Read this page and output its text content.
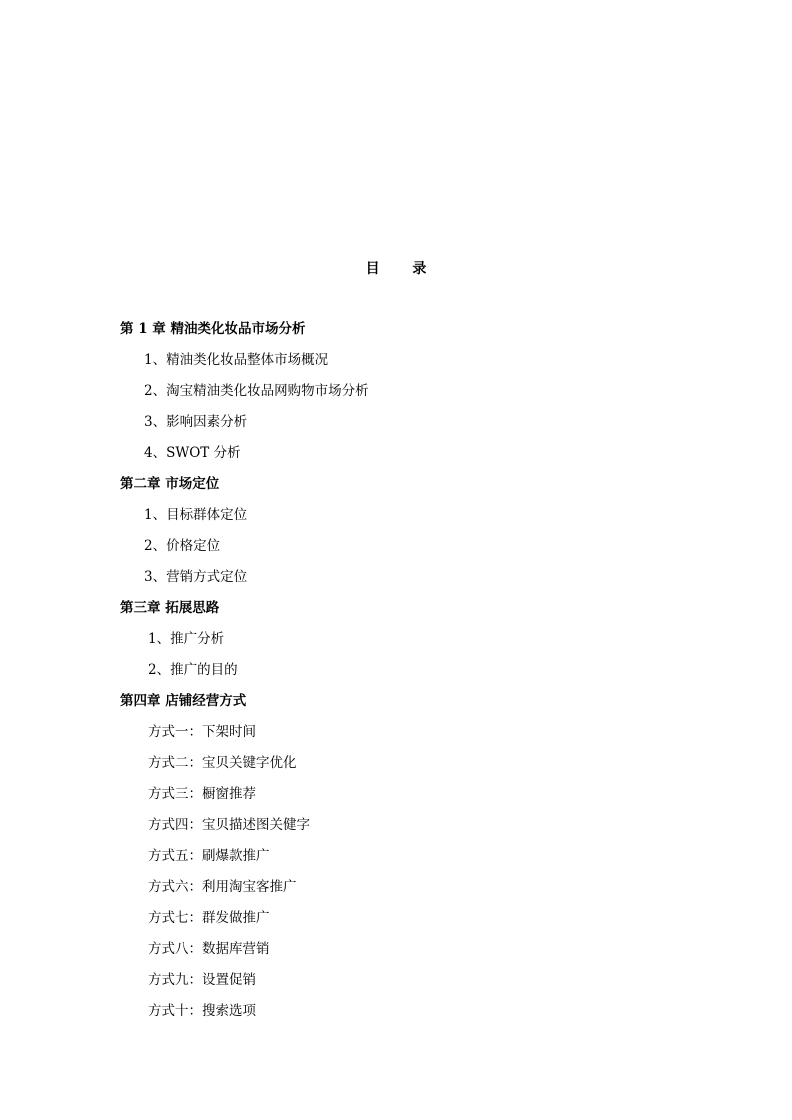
目 录
第 1 章 精油类化妆品市场分析
1、精油类化妆品整体市场概况
2、淘宝精油类化妆品网购物市场分析
3、影响因素分析
4、SWOT 分析
第二章 市场定位
1、目标群体定位
2、价格定位
3、营销方式定位
第三章 拓展思路
1、推广分析
2、推广的目的
第四章 店铺经营方式
方式一：下架时间
方式二：宝贝关键字优化
方式三：橱窗推荐
方式四：宝贝描述图关健字
方式五：刷爆款推广
方式六：利用淘宝客推广
方式七：群发做推广
方式八：数据库营销
方式九：设置促销
方式十：搜索选项
